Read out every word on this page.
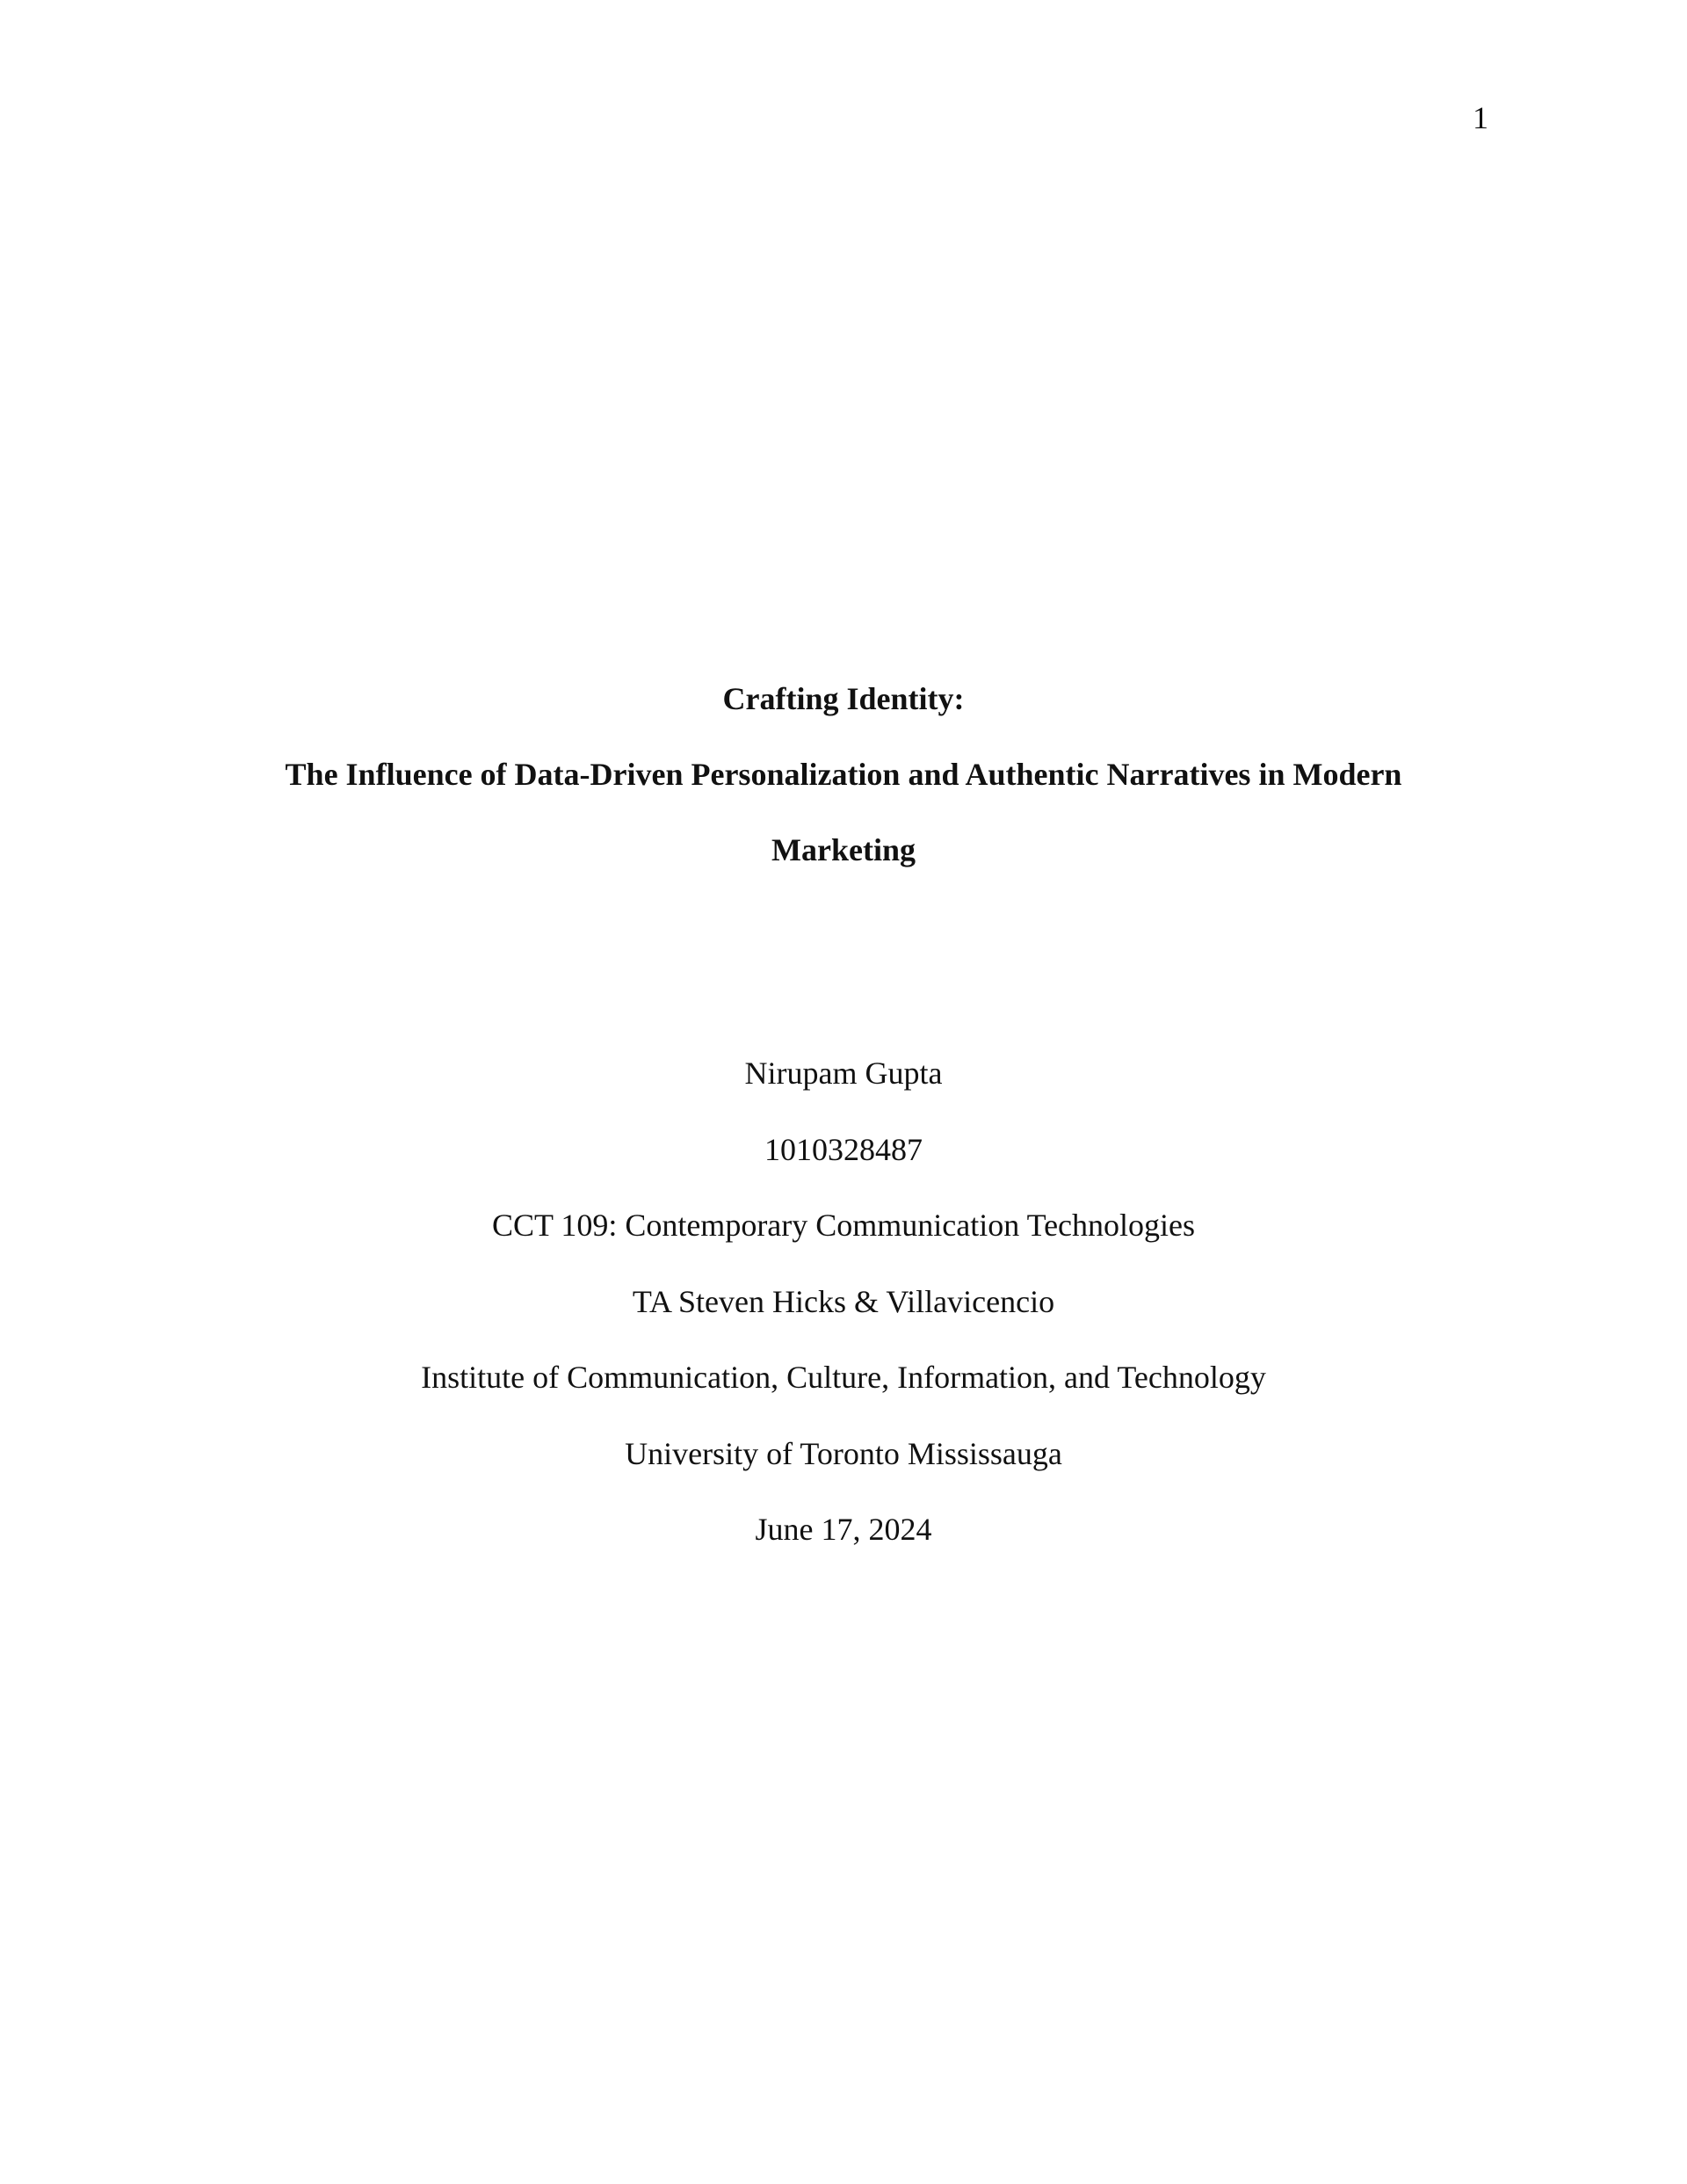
1
Crafting Identity:
The Influence of Data-Driven Personalization and Authentic Narratives in Modern
Marketing
Nirupam Gupta
1010328487
CCT 109: Contemporary Communication Technologies
TA Steven Hicks & Villavicencio
Institute of Communication, Culture, Information, and Technology
University of Toronto Mississauga
June 17, 2024
